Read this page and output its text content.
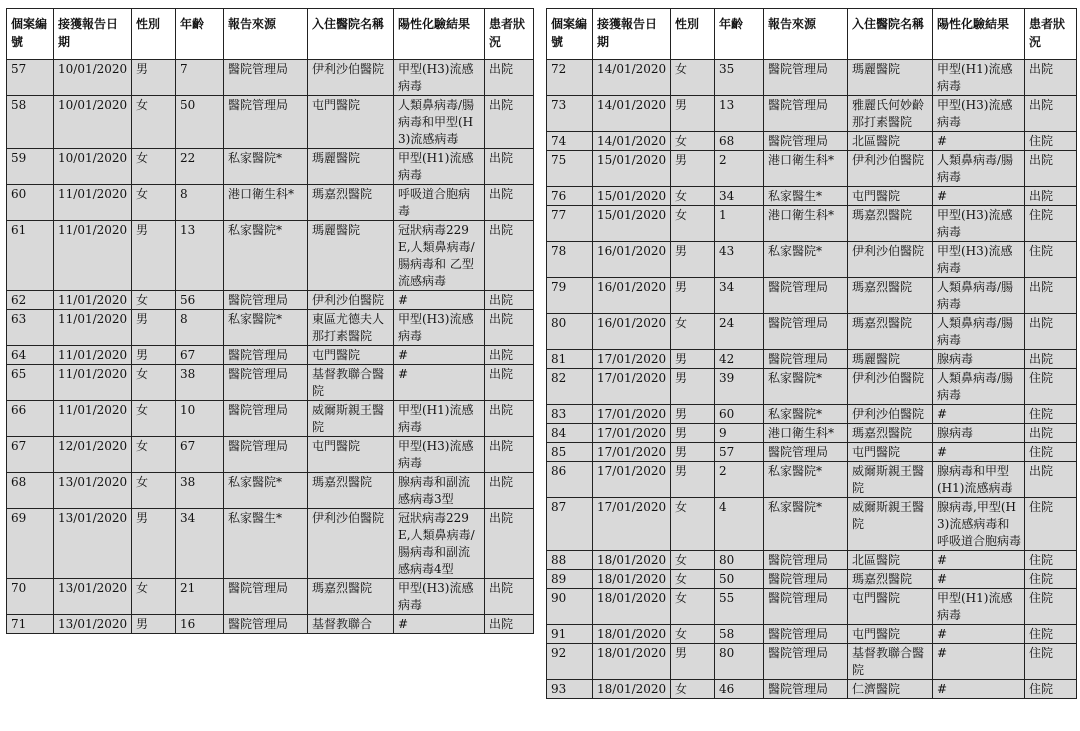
個案編號	接獲報告日期	性別	年齡	報告來源	入住醫院名稱	陽性化驗結果	患者狀況
57	10/01/2020	男	7	醫院管理局	伊利沙伯醫院	甲型(H3)流感病毒	出院
58	10/01/2020	女	50	醫院管理局	屯門醫院	人類鼻病毒/腸病毒和甲型(H3)流感病毒	出院
59	10/01/2020	女	22	私家醫院*	瑪麗醫院	甲型(H1)流感病毒	出院
60	11/01/2020	女	8	港口衛生科*	瑪嘉烈醫院	呼吸道合胞病毒	出院
61	11/01/2020	男	13	私家醫院*	瑪麗醫院	冠狀病毒229E,人類鼻病毒/腸病毒和 乙型流感病毒	出院
62	11/01/2020	女	56	醫院管理局	伊利沙伯醫院	#	出院
63	11/01/2020	男	8	私家醫院*	東區尤德夫人那打素醫院	甲型(H3)流感病毒	出院
64	11/01/2020	男	67	醫院管理局	屯門醫院	#	出院
65	11/01/2020	女	38	醫院管理局	基督教聯合醫院	#	出院
66	11/01/2020	女	10	醫院管理局	威爾斯親王醫院	甲型(H1)流感病毒	出院
67	12/01/2020	女	67	醫院管理局	屯門醫院	甲型(H3)流感病毒	出院
68	13/01/2020	女	38	私家醫院*	瑪嘉烈醫院	腺病毒和副流感病毒3型	出院
69	13/01/2020	男	34	私家醫生*	伊利沙伯醫院	冠狀病毒229E,人類鼻病毒/腸病毒和副流感病毒4型	出院
70	13/01/2020	女	21	醫院管理局	瑪嘉烈醫院	甲型(H3)流感病毒	出院
71	13/01/2020	男	16	醫院管理局	基督教聯合	#	出院
個案編號	接獲報告日期	性別	年齡	報告來源	入住醫院名稱	陽性化驗結果	患者狀況
72	14/01/2020	女	35	醫院管理局	瑪麗醫院	甲型(H1)流感病毒	出院
73	14/01/2020	男	13	醫院管理局	雅麗氏何妙齡那打素醫院	甲型(H3)流感病毒	出院
74	14/01/2020	女	68	醫院管理局	北區醫院	#	住院
75	15/01/2020	男	2	港口衛生科*	伊利沙伯醫院	人類鼻病毒/腸病毒	出院
76	15/01/2020	女	34	私家醫生*	屯門醫院	#	出院
77	15/01/2020	女	1	港口衛生科*	瑪嘉烈醫院	甲型(H3)流感病毒	住院
78	16/01/2020	男	43	私家醫院*	伊利沙伯醫院	甲型(H3)流感病毒	住院
79	16/01/2020	男	34	醫院管理局	瑪嘉烈醫院	人類鼻病毒/腸病毒	出院
80	16/01/2020	女	24	醫院管理局	瑪嘉烈醫院	人類鼻病毒/腸病毒	出院
81	17/01/2020	男	42	醫院管理局	瑪麗醫院	腺病毒	出院
82	17/01/2020	男	39	私家醫院*	伊利沙伯醫院	人類鼻病毒/腸病毒	住院
83	17/01/2020	男	60	私家醫院*	伊利沙伯醫院	#	住院
84	17/01/2020	男	9	港口衛生科*	瑪嘉烈醫院	腺病毒	出院
85	17/01/2020	男	57	醫院管理局	屯門醫院	#	住院
86	17/01/2020	男	2	私家醫院*	威爾斯親王醫院	腺病毒和甲型(H1)流感病毒	出院
87	17/01/2020	女	4	私家醫院*	威爾斯親王醫院	腺病毒,甲型(H3)流感病毒和呼吸道合胞病毒	住院
88	18/01/2020	女	80	醫院管理局	北區醫院	#	住院
89	18/01/2020	女	50	醫院管理局	瑪嘉烈醫院	#	住院
90	18/01/2020	女	55	醫院管理局	屯門醫院	甲型(H1)流感病毒	住院
91	18/01/2020	女	58	醫院管理局	屯門醫院	#	住院
92	18/01/2020	男	80	醫院管理局	基督教聯合醫院	#	住院
93	18/01/2020	女	46	醫院管理局	仁濟醫院	#	住院
